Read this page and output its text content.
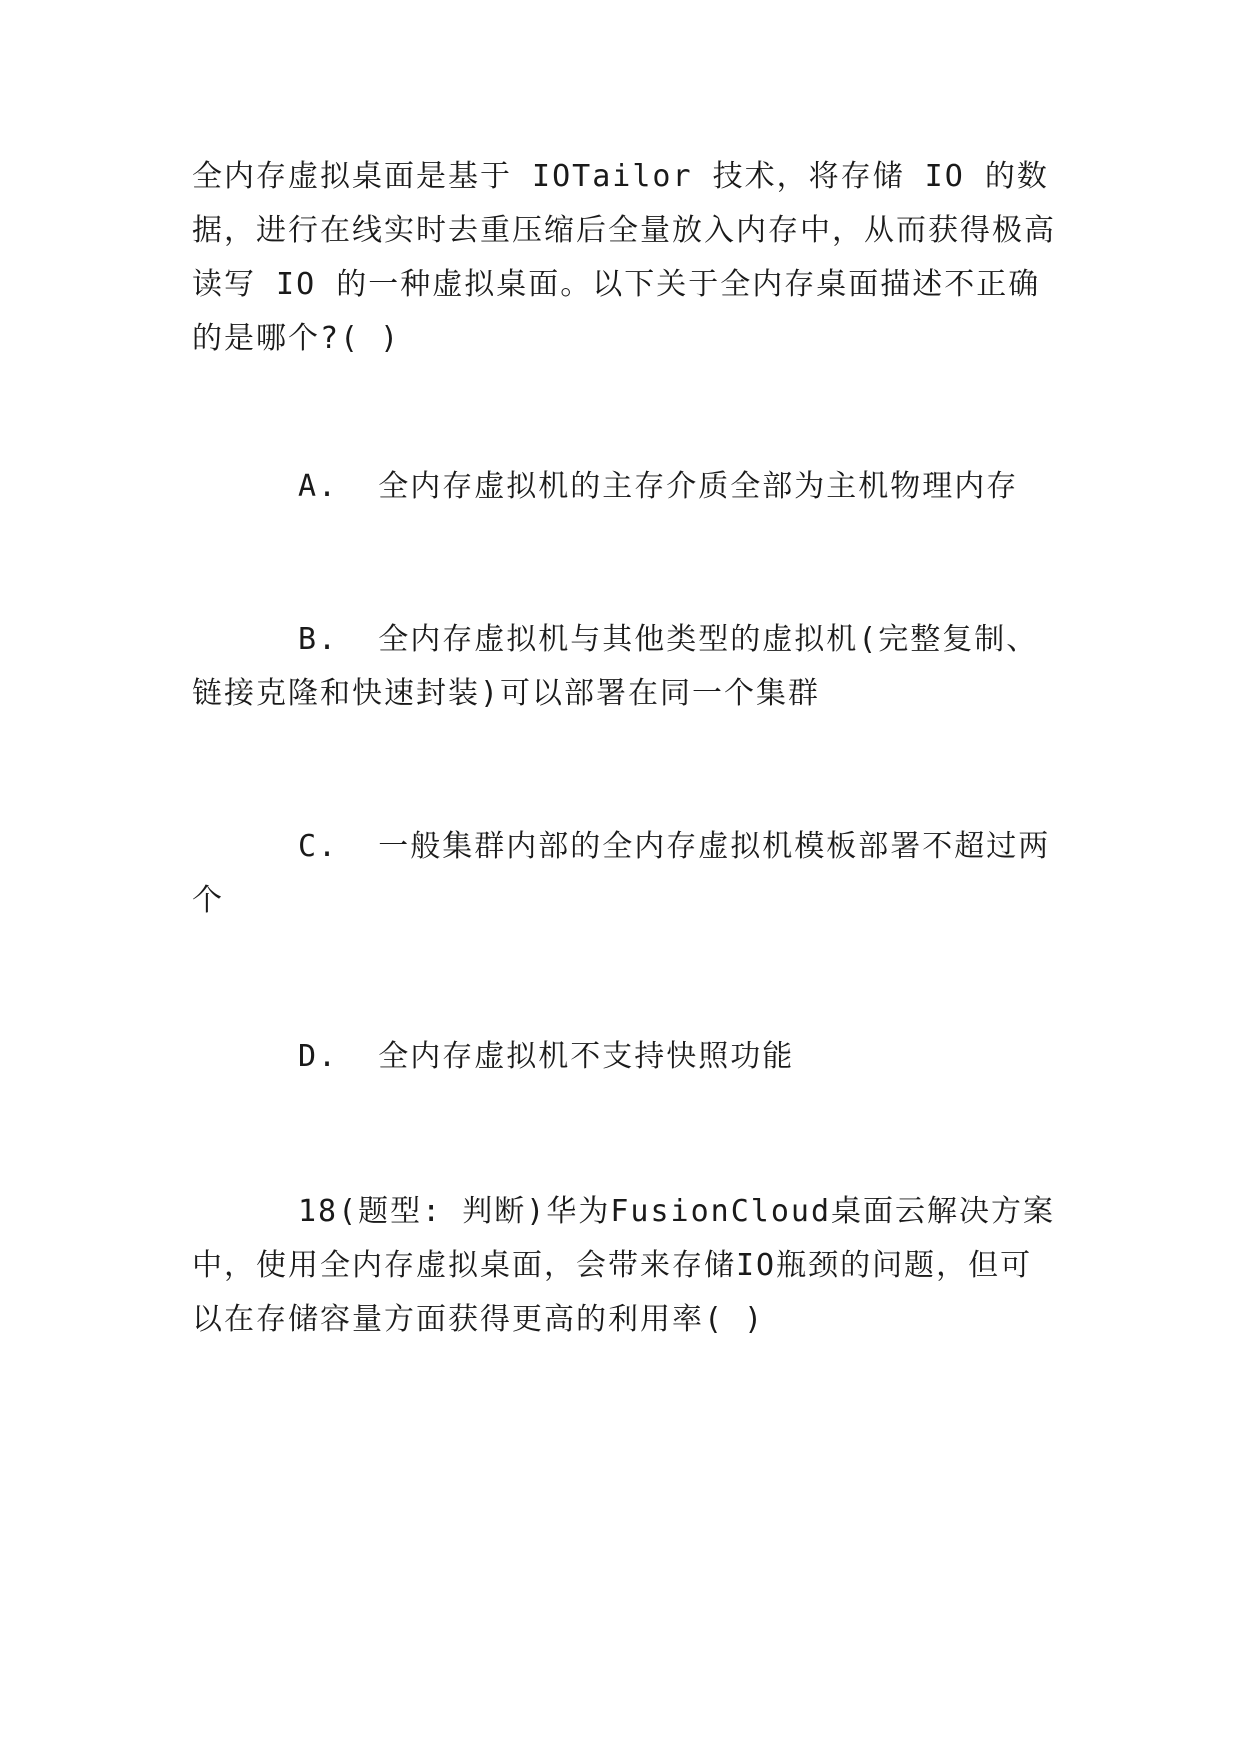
全内存虚拟桌面是基于 IOTailor 技术，将存储 IO 的数据，进行在线实时去重压缩后全量放入内存中，从而获得极高读写 IO 的一种虚拟桌面。以下关于全内存桌面描述不正确的是哪个?( )

A. 全内存虚拟机的主存介质全部为主机物理内存

B. 全内存虚拟机与其他类型的虚拟机(完整复制、链接克隆和快速封装)可以部署在同一个集群

C. 一般集群内部的全内存虚拟机模板部署不超过两个

D. 全内存虚拟机不支持快照功能

18(题型: 判断)华为FusionCloud桌面云解决方案中，使用全内存虚拟桌面，会带来存储IO瓶颈的问题，但可以在存储容量方面获得更高的利用率( )
